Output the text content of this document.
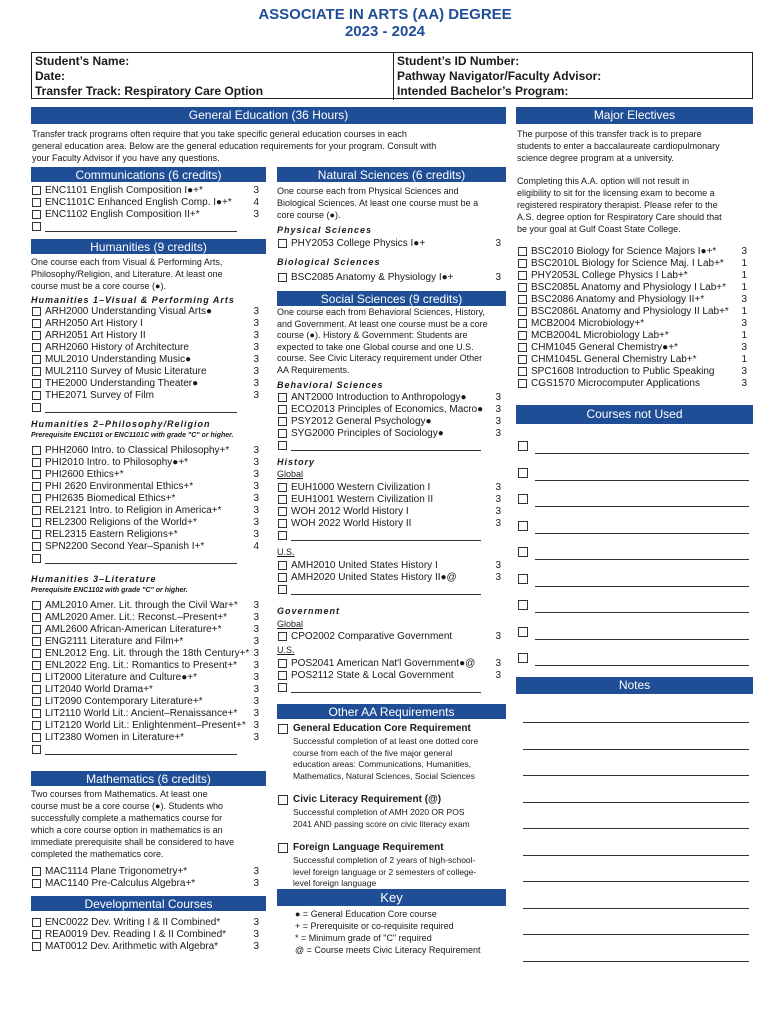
ASSOCIATE IN ARTS (AA) DEGREE
2023 - 2024
Student’s Name:
Date:
Transfer Track: Respiratory Care Option
Student’s ID Number:
Pathway Navigator/Faculty Advisor:
Intended Bachelor’s Program:
General Education (36 Hours)
Transfer track programs often require that you take specific general education courses in each
general education area. Below are the general education requirements for your program. Consult with
your Faculty Advisor if you have any questions.
Communications (6 credits)
ENC1101 English Composition I●+*	3
ENC1101C Enhanced English Comp. I●+* 4
ENC1102 English Composition II+*	3
Humanities (9 credits)
One course each from Visual & Performing Arts,
Philosophy/Religion, and Literature. At least one
course must be a core course (●).
Humanities 1–Visual & Performing Arts
ARH2000 Understanding Visual Arts●	3
ARH2050 Art History I	3
ARH2051 Art History II	3
ARH2060 History of Architecture	3
MUL2010 Understanding Music●	3
MUL2110 Survey of Music Literature	3
THE2000 Understanding Theater●	3
THE2071 Survey of Film	3
Humanities 2–Philosophy/Religion
Prerequisite ENC1101 or ENC1101C with grade "C" or higher.
PHH2060 Intro. to Classical Philosophy+* 3
PHI2010 Intro. to Philosophy●+*	3
PHI2600 Ethics+*	3
PHI 2620 Environmental Ethics+*	3
PHI2635 Biomedical Ethics+*	3
REL2121 Intro. to Religion in America+*	3
REL2300 Religions of the World+*	3
REL2315 Eastern Religions+*	3
SPN2200 Second Year–Spanish I+*	4
Humanities 3–Literature
Prerequisite ENC1102 with grade "C" or higher.
AML2010 Amer. Lit. through the Civil War+* 3
AML2020 Amer. Lit.: Reconst.–Present+*	3
AML2600 African-American Literature+*	3
ENG2111 Literature and Film+*	3
ENL2012 Eng. Lit. through the 18th Century+* 3
ENL2022 Eng. Lit.: Romantics to Present+* 3
LIT2000 Literature and Culture●+*	3
LIT2040 World Drama+*	3
LIT2090 Contemporary Literature+*	3
LIT2110 World Lit.: Ancient–Renaissance+* 3
LIT2120 World Lit.: Enlightenment–Present+* 3
LIT2380 Women in Literature+*	3
Mathematics (6 credits)
Two courses from Mathematics. At least one
course must be a core course (●). Students who
successfully complete a mathematics course for
which a core course option in mathematics is an
immediate prerequisite shall be considered to have
completed the mathematics core.
MAC1114 Plane Trigonometry+*	3
MAC1140 Pre-Calculus Algebra+*	3
Developmental Courses
ENC0022 Dev. Writing I & II Combined*	3
REA0019 Dev. Reading I & II Combined*	3
MAT0012 Dev. Arithmetic with Algebra*	3
Natural Sciences (6 credits)
One course each from Physical Sciences and
Biological Sciences. At least one course must be a
core course (●).
Physical Sciences
PHY2053 College Physics I●+	3
Biological Sciences
BSC2085 Anatomy & Physiology I●+	3
Social Sciences (9 credits)
One course each from Behavioral Sciences, History,
and Government. At least one course must be a core
course (●). History & Government: Students are
expected to take one Global course and one U.S.
course. See Civic Literacy requirement under Other
AA Requirements.
Behavioral Sciences
ANT2000 Introduction to Anthropology●	3
ECO2013 Principles of Economics, Macro● 3
PSY2012 General Psychology●	3
SYG2000 Principles of Sociology●	3
History
Global
EUH1000 Western Civilization I	3
EUH1001 Western Civilization II	3
WOH 2012 World History I	3
WOH 2022 World History II	3
U.S.
AMH2010 United States History I	3
AMH2020 United States History II●@	3
Government
Global
CPO2002 Comparative Government	3
U.S.
POS2041 American Nat'l Government●@ 3
POS2112 State & Local Government	3
Other AA Requirements
General Education Core Requirement
Successful completion of at least one dotted core
course from each of the five major general
education areas: Communications, Humanities,
Mathematics, Natural Sciences, Social Sciences
Civic Literacy Requirement (@)
Successful completion of AMH 2020 OR POS
2041 AND passing score on civic literacy exam
Foreign Language Requirement
Successful completion of 2 years of high-school-
level foreign language or 2 semesters of college-
level foreign language
Key
● = General Education Core course
+ = Prerequisite or co-requisite required
* = Minimum grade of "C" required
@ = Course meets Civic Literacy Requirement
Major Electives
The purpose of this transfer track is to prepare
students to enter a baccalaureate cardiopulmonary
science degree program at a university.
Completing this A.A. option will not result in
eligibility to sit for the licensing exam to become a
registered respiratory therapist. Please refer to the
A.S. degree option for Respiratory Care should that
be your goal at Gulf Coast State College.
BSC2010 Biology for Science Majors I●+*	3
BSC2010L Biology for Science Maj. I Lab+* 1
PHY2053L College Physics I Lab+*	1
BSC2085L Anatomy and Physiology I Lab+* 1
BSC2086 Anatomy and Physiology II+*	3
BSC2086L Anatomy and Physiology II Lab+* 1
MCB2004 Microbiology+*	3
MCB2004L Microbiology Lab+*	1
CHM1045 General Chemistry●+*	3
CHM1045L General Chemistry Lab+*	1
SPC1608 Introduction to Public Speaking	3
CGS1570 Microcomputer Applications	3
Courses not Used
Notes
